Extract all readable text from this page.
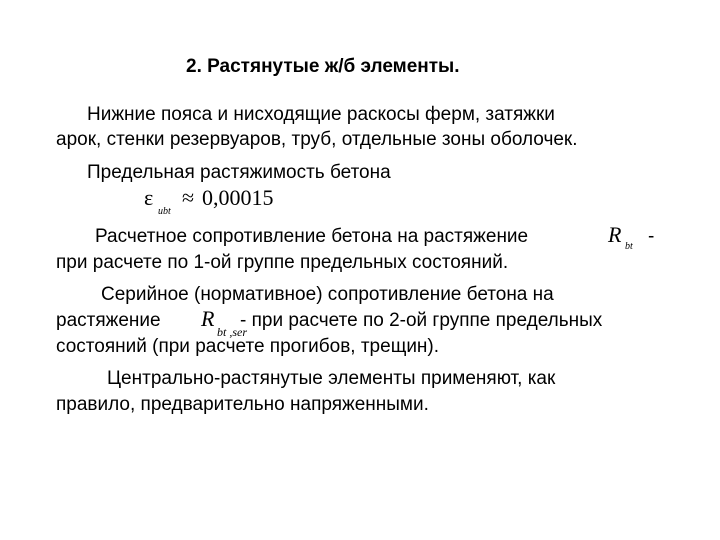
2. Растянутые ж/б элементы.
Нижние пояса и нисходящие раскосы ферм, затяжки
арок, стенки резервуаров, труб, отдельные зоны оболочек.
Предельная растяжимость бетона
ε
ubt
≈ 0,00015
Расчетное сопротивление бетона на растяжение	R bt -
при расчете по 1-ой группе предельных состояний.
Серийное (нормативное) сопротивление бетона на
растяжение R
bt ,ser
- при расчете по 2-ой группе предельных
состояний (при расчете прогибов, трещин).
Центрально-растянутые элементы применяют, как
правило, предварительно напряженными.
